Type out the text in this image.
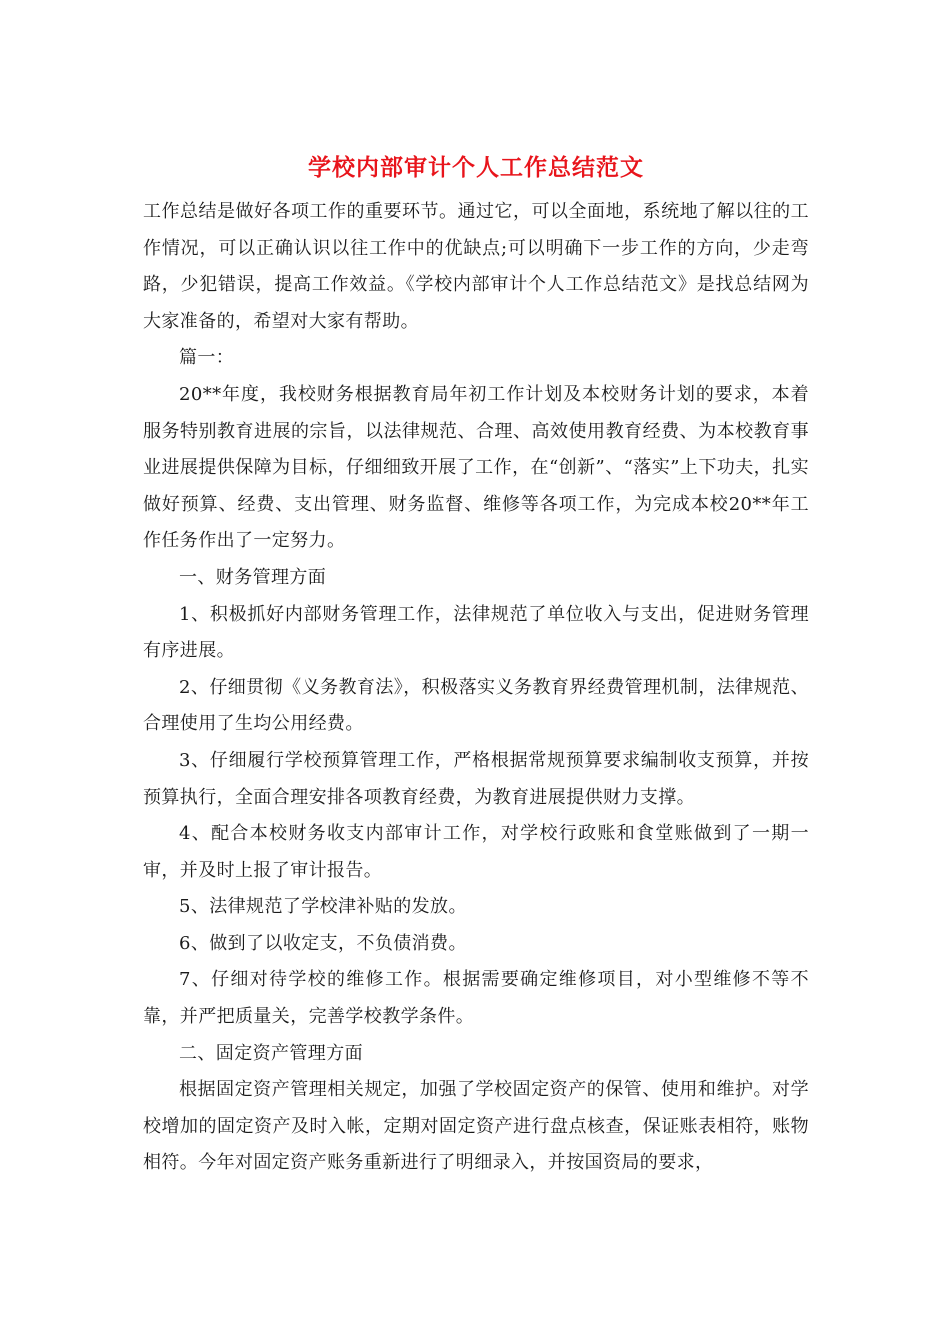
学校内部审计个人工作总结范文

工作总结是做好各项工作的重要环节。通过它，可以全面地，系统地了解以往的工作情况，可以正确认识以往工作中的优缺点;可以明确下一步工作的方向，少走弯路，少犯错误，提高工作效益。《学校内部审计个人工作总结范文》是找总结网为大家准备的，希望对大家有帮助。

篇一：

20**年度，我校财务根据教育局年初工作计划及本校财务计划的要求，本着服务特别教育进展的宗旨，以法律规范、合理、高效使用教育经费、为本校教育事业进展提供保障为目标，仔细细致开展了工作，在“创新”、“落实”上下功夫，扎实做好预算、经费、支出管理、财务监督、维修等各项工作，为完成本校20**年工作任务作出了一定努力。

一、财务管理方面

1、积极抓好内部财务管理工作，法律规范了单位收入与支出，促进财务管理有序进展。

2、仔细贯彻《义务教育法》，积极落实义务教育界经费管理机制，法律规范、合理使用了生均公用经费。

3、仔细履行学校预算管理工作，严格根据常规预算要求编制收支预算，并按预算执行，全面合理安排各项教育经费，为教育进展提供财力支撑。

4、配合本校财务收支内部审计工作，对学校行政账和食堂账做到了一期一审，并及时上报了审计报告。

5、法律规范了学校津补贴的发放。

6、做到了以收定支，不负债消费。

7、仔细对待学校的维修工作。根据需要确定维修项目，对小型维修不等不靠，并严把质量关，完善学校教学条件。

二、固定资产管理方面

根据固定资产管理相关规定，加强了学校固定资产的保管、使用和维护。对学校增加的固定资产及时入帐，定期对固定资产进行盘点核查，保证账表相符，账物相符。今年对固定资产账务重新进行了明细录入，并按国资局的要求，
